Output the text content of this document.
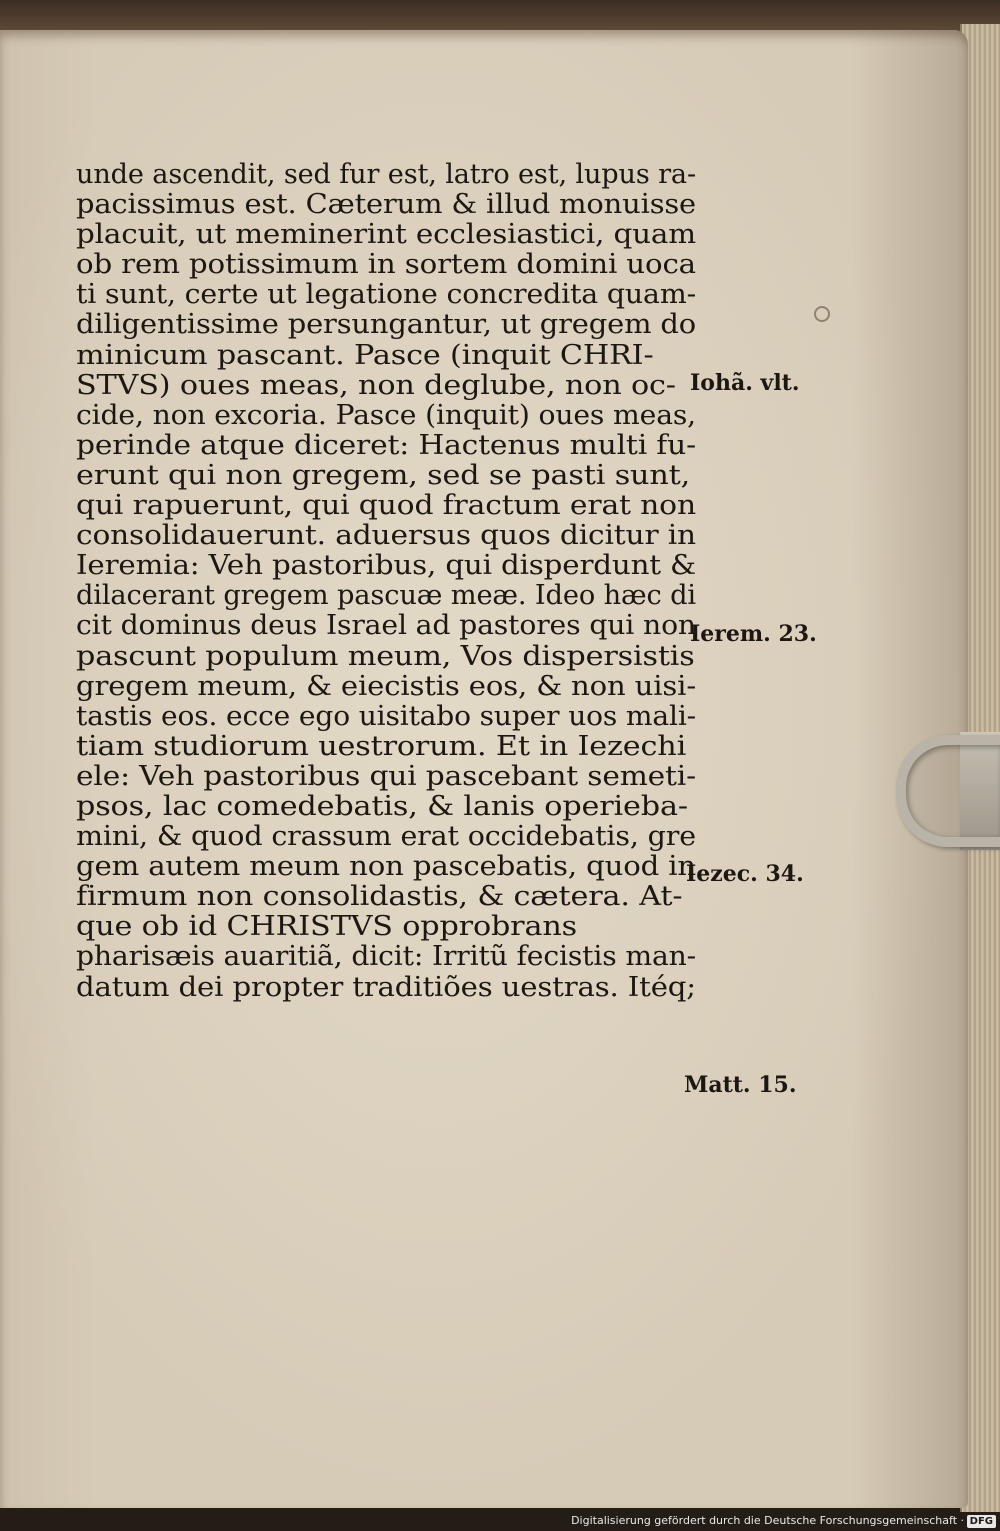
unde ascendit, sed fur est, latro est, lupus ra-
pacissimus est. Cæterum & illud monuisse
placuit, ut meminerint ecclesiastici, quam
ob rem potissimum in sortem domini uoca
ti sunt, certe ut legatione concredita quam-
diligentissime persungantur, ut gregem do
minicum pascant. Pasce (inquit CHRI-
STVS) oues meas, non deglube, non oc-
cide, non excoria. Pasce (inquit) oues meas,
perinde atque diceret: Hactenus multi fu-
erunt qui non gregem, sed se pasti sunt,
qui rapuerunt, qui quod fractum erat non
consolidauerunt. aduersus quos dicitur in
Ieremia: Veh pastoribus, qui disperdunt &
dilacerant gregem pascuæ meæ. Ideo hæc di
cit dominus deus Israel ad pastores qui non
pascunt populum meum, Vos dispersistis
gregem meum, & eiecistis eos, & non uisi-
tastis eos. ecce ego uisitabo super uos mali-
tiam studiorum uestrorum. Et in Iezechi
ele: Veh pastoribus qui pascebant semeti-
psos, lac comedebatis, & lanis operieba-
mini, & quod crassum erat occidebatis, gre
gem autem meum non pascebatis, quod in
firmum non consolidastis, & cætera. At-
que ob id CHRISTVS opprobrans
pharisæis auaritiã, dicit: Irritũ fecistis man-
datum dei propter traditiões uestras. Itéq;
Iohã. vlt.
Ierem. 23.
Iezec. 34.
Matt. 15.
Digitalisierung gefördert durch die Deutsche Forschungsgemeinschaft · DFG
